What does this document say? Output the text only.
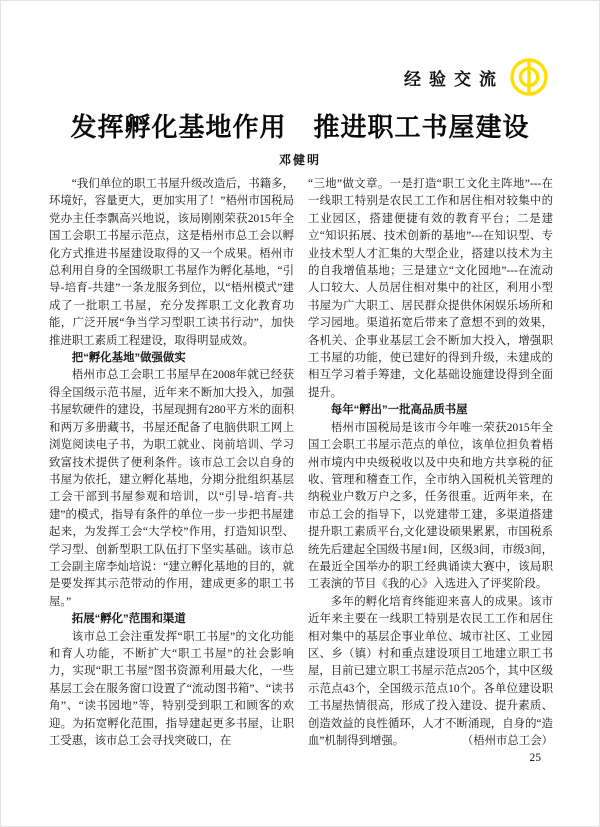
经验交流
发挥孵化基地作用　推进职工书屋建设
邓健明

“我们单位的职工书屋升级改造后，书籍多，环境好，容量更大，更加实用了！”梧州市国税局党办主任李飘高兴地说，该局刚刚荣获2015年全国工会职工书屋示范点，这是梧州市总工会以孵化方式推进书屋建设取得的又一个成果。梧州市总利用自身的全国级职工书屋作为孵化基地，“引导-培育-共建”一条龙服务到位，以“梧州模式”建成了一批职工书屋，充分发挥职工文化教育功能，广泛开展“争当学习型职工读书行动”，加快推进职工素质工程建设，取得明显成效。

把“孵化基地”做强做实

梧州市总工会职工书屋早在2008年就已经获得全国级示范书屋，近年来不断加大投入，加强书屋软硬件的建设，书屋现拥有280平方米的面积和两万多册藏书，书屋还配备了电脑供职工网上浏览阅读电子书，为职工就业、岗前培训、学习致富技术提供了便利条件。该市总工会以自身的书屋为依托，建立孵化基地，分期分批组织基层工会干部到书屋参观和培训，以“引导-培育-共建”的模式，指导有条件的单位一步一步把书屋建起来，为发挥工会“大学校”作用，打造知识型、学习型、创新型职工队伍打下坚实基础。该市总工会副主席李灿培说：“建立孵化基地的目的，就是要发挥其示范带动的作用，建成更多的职工书屋。”

拓展“孵化”范围和渠道

该市总工会注重发挥“职工书屋”的文化功能和育人功能，不断扩大“职工书屋”的社会影响力，实现“职工书屋”图书资源利用最大化，一些基层工会在服务窗口设置了“流动图书箱”、“读书角”、“读书园地”等，特别受到职工和顾客的欢迎。为拓宽孵化范围，指导建起更多书屋，让职工受惠，该市总工会寻找突破口，在

“三地”做文章。一是打造“职工文化主阵地”---在一线职工特别是农民工工作和居住相对较集中的工业园区，搭建便捷有效的教育平台；二是建立“知识拓展、技术创新的基地”---在知识型、专业技术型人才汇集的大型企业，搭建以技术为主的自我增值基地；三是建立“文化园地”---在流动人口较大、人员居住相对集中的社区，利用小型书屋为广大职工、居民群众提供休闲娱乐场所和学习园地。渠道拓宽后带来了意想不到的效果，各机关、企事业基层工会不断加大投入，增强职工书屋的功能，使已建好的得到升级，未建成的相互学习着手筹建，文化基础设施建设得到全面提升。

每年“孵出”一批高品质书屋

梧州市国税局是该市今年唯一荣获2015年全国工会职工书屋示范点的单位，该单位担负着梧州市境内中央级税收以及中央和地方共享税的征收、管理和稽查工作，全市纳入国税机关管理的纳税业户数万户之多，任务很重。近两年来，在市总工会的指导下，以党建带工建，多渠道搭建提升职工素质平台,文化建设硕果累累，市国税系统先后建起全国级书屋1间，区级3间，市级3间，在最近全国举办的职工经典诵读大赛中，该局职工表演的节目《我的心》入选进入了评奖阶段。

多年的孵化培育终能迎来喜人的成果。该市近年来主要在一线职工特别是农民工工作和居住相对集中的基层企事业单位、城市社区、工业园区、乡（镇）村和重点建设项目工地建立职工书屋，目前已建立职工书屋示范点205个，其中区级示范点43个，全国级示范点10个。各单位建设职工书屋热情很高，形成了投入建设、提升素质、创造效益的良性循环，人才不断涌现，自身的“造血”机制得到增强。	（梧州市总工会）

25
